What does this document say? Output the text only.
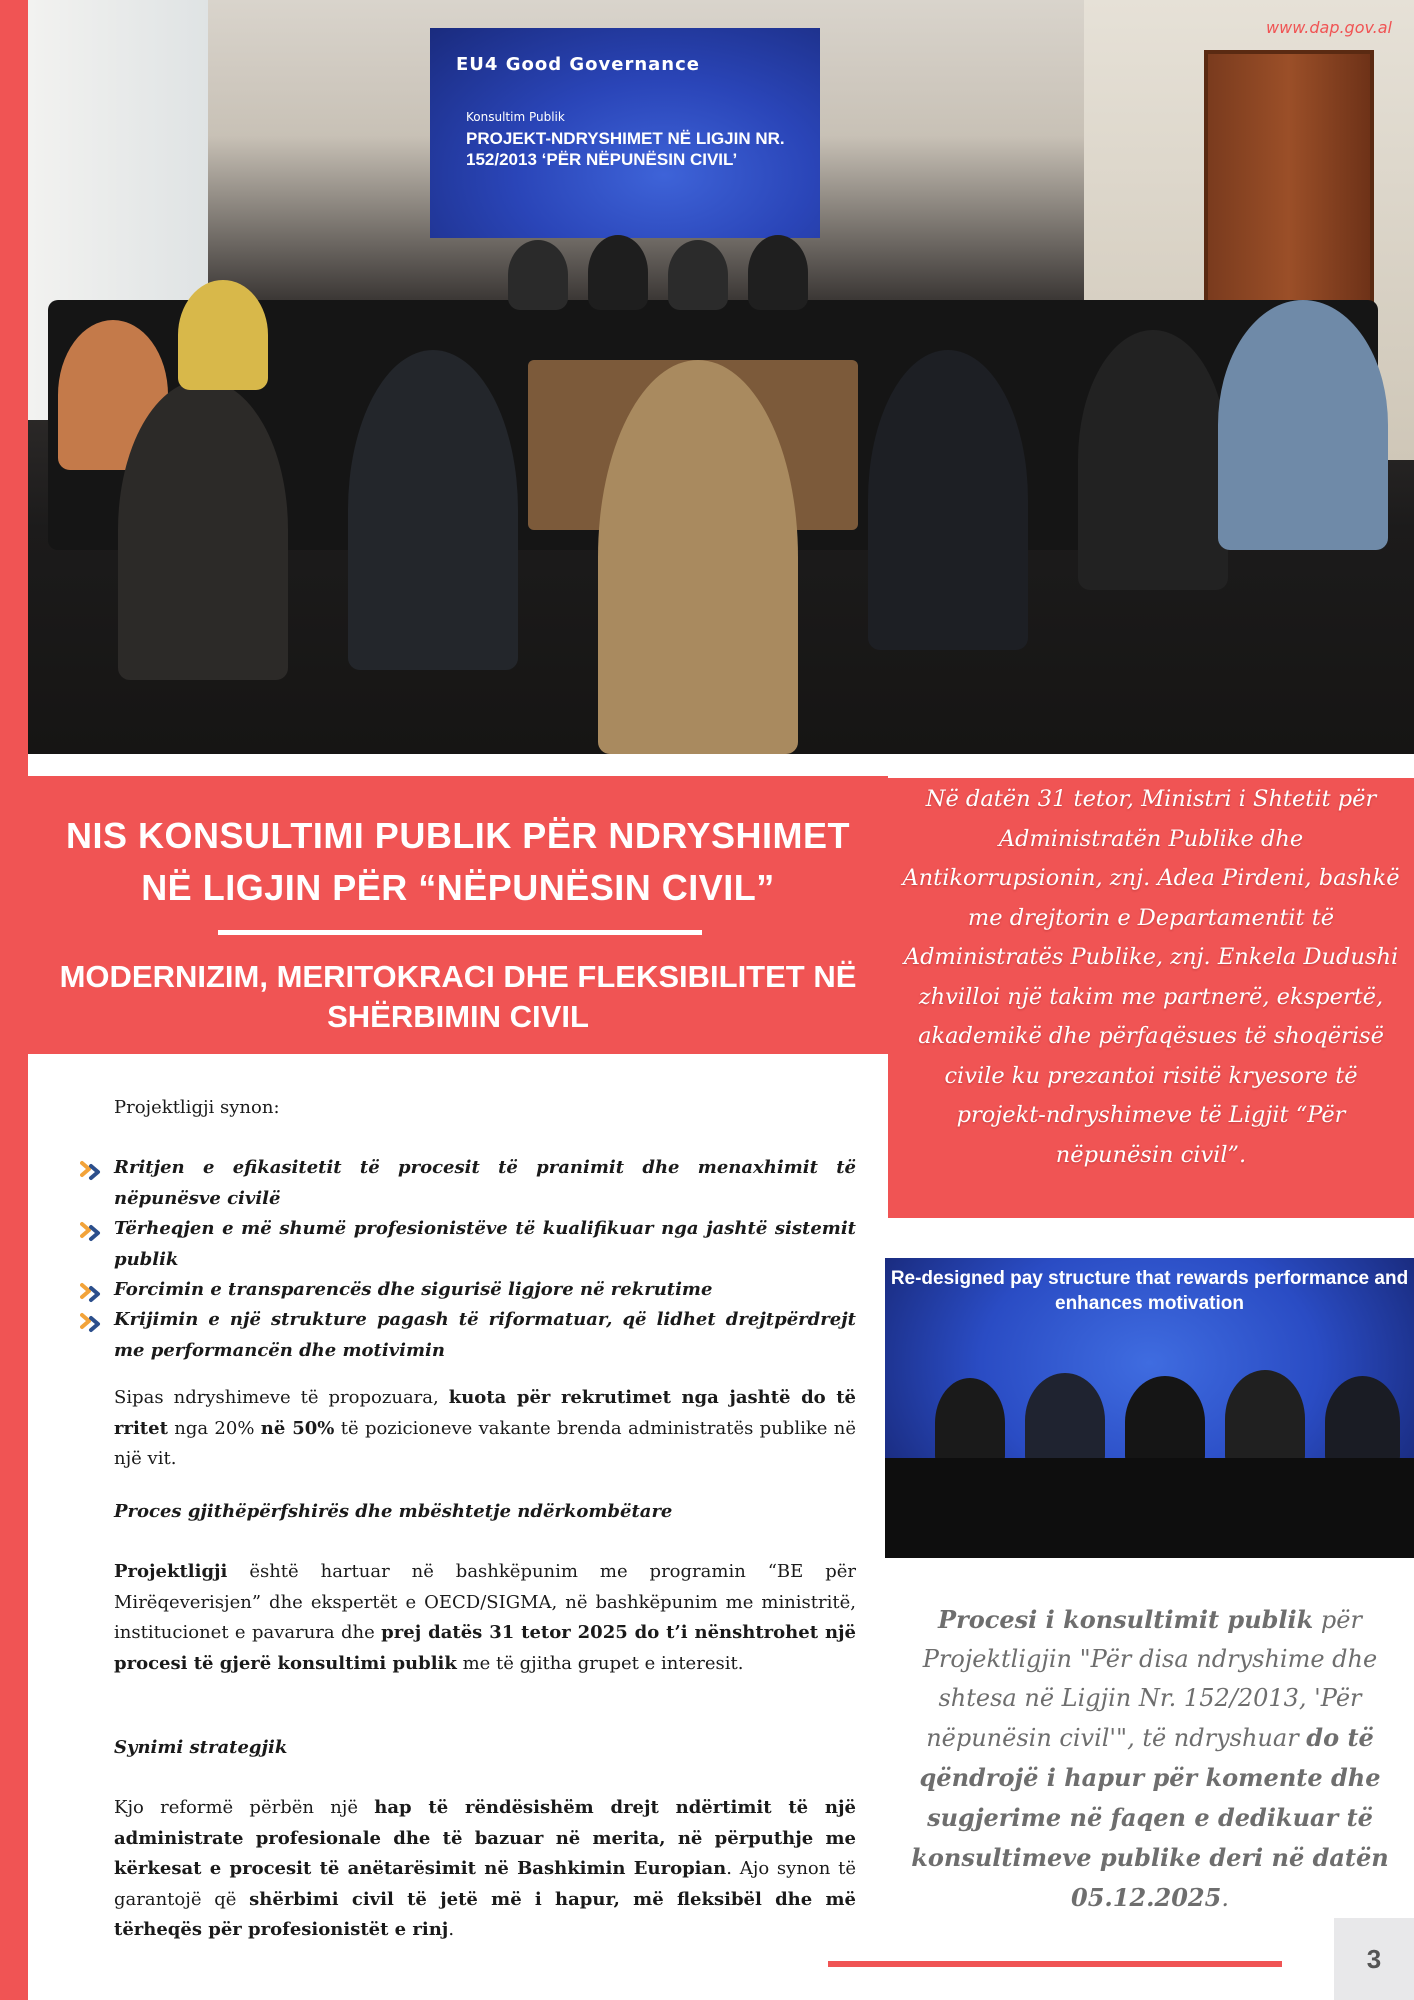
EU4 Good Governance
Konsultim Publik
PROJEKT-NDRYSHIMET NË LIGJIN NR. 152/2013 ‘PËR NËPUNËSIN CIVIL’
www.dap.gov.al
NIS KONSULTIMI PUBLIK PËR NDRYSHIMET
NË LIGJIN PËR “NËPUNËSIN CIVIL”
MODERNIZIM, MERITOKRACI DHE FLEKSIBILITET NË SHËRBIMIN CIVIL

Në datën 31 tetor, Ministri i Shtetit për Administratën Publike dhe Antikorrupsionin, znj. Adea Pirdeni, bashkë me drejtorin e Departamentit të Administratës Publike, znj. Enkela Dudushi zhvilloi një takim me partnerë, ekspertë, akademikë dhe përfaqësues të shoqërisë civile ku prezantoi risitë kryesore të projekt-ndryshimeve të Ligjit “Për nëpunësin civil”.

Projektligji synon:
Rritjen e efikasitetit të procesit të pranimit dhe menaxhimit të nëpunësve civilë
Tërheqjen e më shumë profesionistëve të kualifikuar nga jashtë sistemit publik
Forcimin e transparencës dhe sigurisë ligjore në rekrutime
Krijimin e një strukture pagash të riformatuar, që lidhet drejtpërdrejt me performancën dhe motivimin
Sipas ndryshimeve të propozuara, kuota për rekrutimet nga jashtë do të rritet nga 20% në 50% të pozicioneve vakante brenda administratës publike në një vit.
Proces gjithëpërfshirës dhe mbështetje ndërkombëtare
Projektligji është hartuar në bashkëpunim me programin “BE për Mirëqeverisjen” dhe ekspertët e OECD/SIGMA, në bashkëpunim me ministritë, institucionet e pavarura dhe prej datës 31 tetor 2025 do t’i nënshtrohet një procesi të gjerë konsultimi publik me të gjitha grupet e interesit.
Synimi strategjik
Kjo reformë përbën një hap të rëndësishëm drejt ndërtimit të një administrate profesionale dhe të bazuar në merita, në përputhje me kërkesat e procesit të anëtarësimit në Bashkimin Europian. Ajo synon të garantojë që shërbimi civil të jetë më i hapur, më fleksibël dhe më tërheqës për profesionistët e rinj.
Re-designed pay structure that rewards performance and enhances motivation
Procesi i konsultimit publik për Projektligjin "Për disa ndryshime dhe shtesa në Ligjin Nr. 152/2013, 'Për nëpunësin civil'", të ndryshuar do të qëndrojë i hapur për komente dhe sugjerime në faqen e dedikuar të konsultimeve publike deri në datën 05.12.2025.
3
